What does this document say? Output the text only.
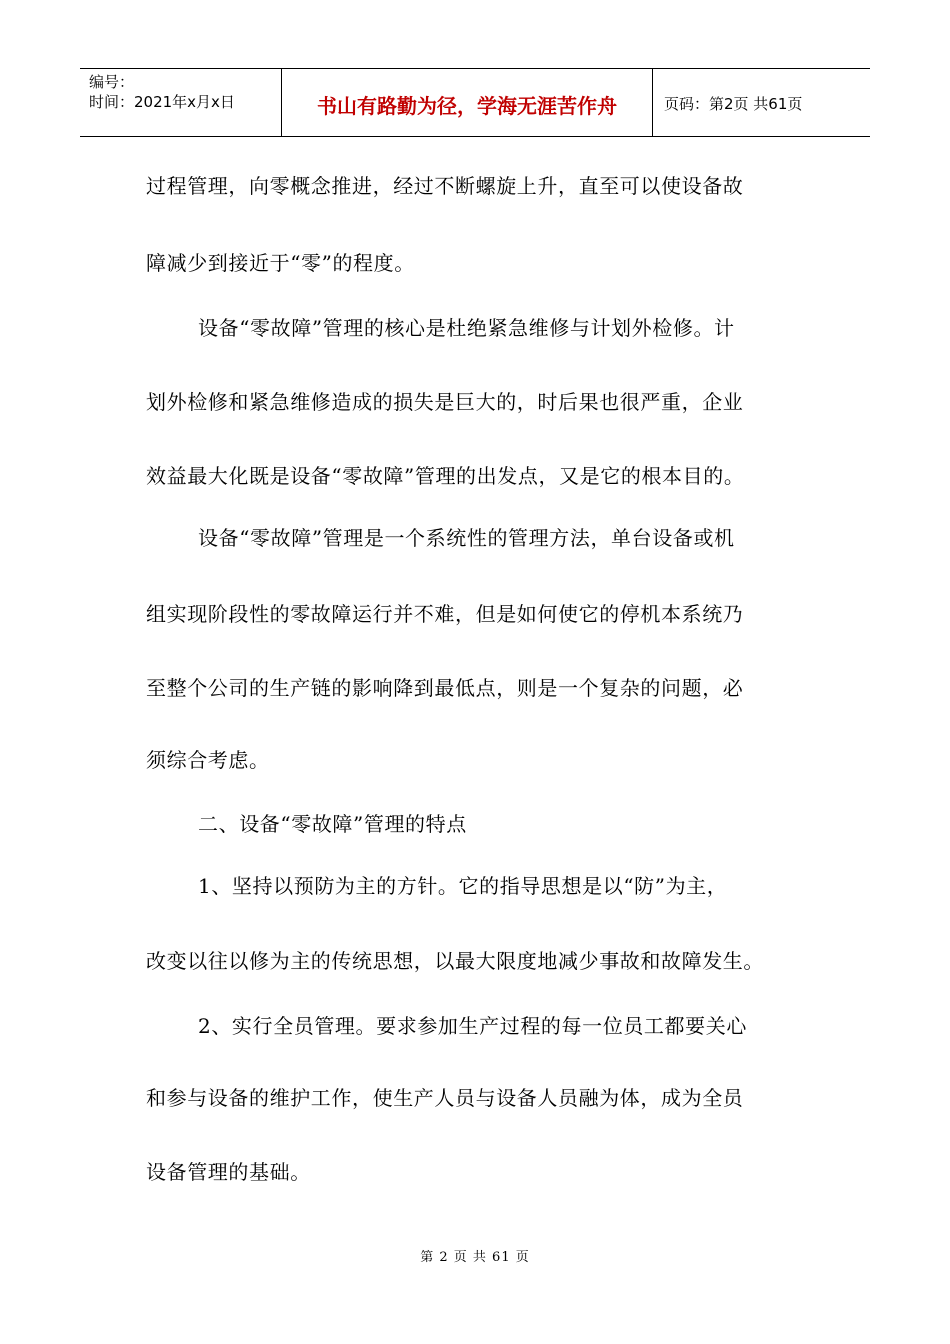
编号：
时间：2021年x月x日	书山有路勤为径，学海无涯苦作舟	页码：第2页 共61页
过程管理，向零概念推进，经过不断螺旋上升，直至可以使设备故
障减少到接近于“零”的程度。
设备“零故障”管理的核心是杜绝紧急维修与计划外检修。计
划外检修和紧急维修造成的损失是巨大的，时后果也很严重，企业
效益最大化既是设备“零故障”管理的出发点，又是它的根本目的。
设备“零故障”管理是一个系统性的管理方法，单台设备或机
组实现阶段性的零故障运行并不难，但是如何使它的停机本系统乃
至整个公司的生产链的影响降到最低点，则是一个复杂的问题，必
须综合考虑。
二、设备“零故障”管理的特点
1、坚持以预防为主的方针。它的指导思想是以“防”为主，
改变以往以修为主的传统思想，以最大限度地减少事故和故障发生。
2、实行全员管理。要求参加生产过程的每一位员工都要关心
和参与设备的维护工作，使生产人员与设备人员融为体，成为全员
设备管理的基础。
第 2 页 共 61 页
